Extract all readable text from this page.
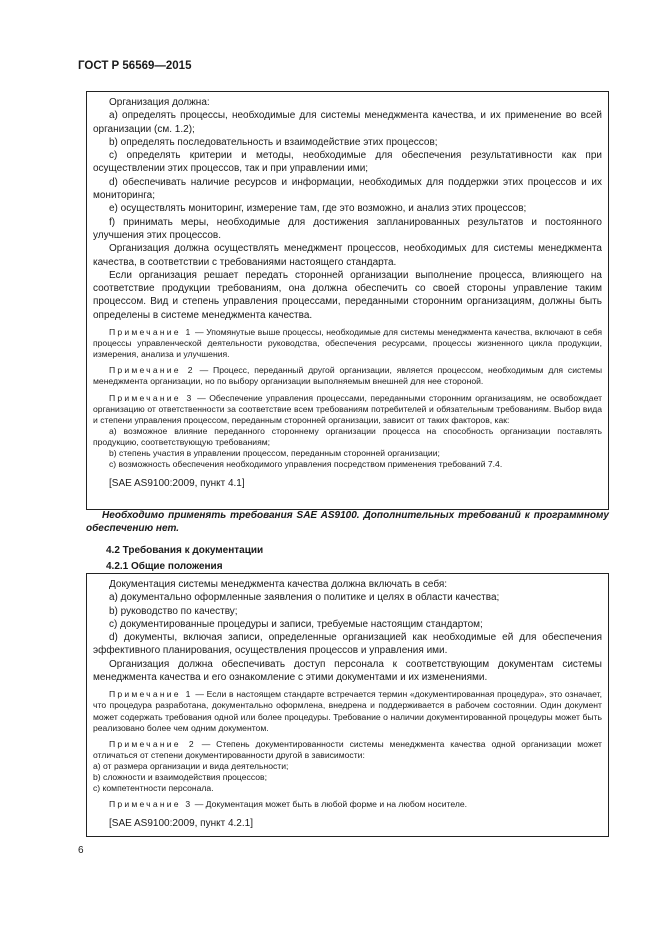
ГОСТ Р 56569—2015

Организация должна:

a) определять процессы, необходимые для системы менеджмента качества, и их применение во всей организации (см. 1.2);

b) определять последовательность и взаимодействие этих процессов;

c) определять критерии и методы, необходимые для обеспечения результативности как при осуществлении этих процессов, так и при управлении ими;

d) обеспечивать наличие ресурсов и информации, необходимых для поддержки этих процессов и их мониторинга;

e) осуществлять мониторинг, измерение там, где это возможно, и анализ этих процессов;

f) принимать меры, необходимые для достижения запланированных результатов и постоянного улучшения этих процессов.

Организация должна осуществлять менеджмент процессов, необходимых для системы менеджмента качества, в соответствии с требованиями настоящего стандарта.

Если организация решает передать сторонней организации выполнение процесса, влияющего на соответствие продукции требованиям, она должна обеспечить со своей стороны управление таким процессом. Вид и степень управления процессами, переданными сторонним организациям, должны быть определены в системе менеджмента качества.

Примечание 1 — Упомянутые выше процессы, необходимые для системы менеджмента качества, включают в себя процессы управленческой деятельности руководства, обеспечения ресурсами, процессы жизненного цикла продукции, измерения, анализа и улучшения.

Примечание 2 — Процесс, переданный другой организации, является процессом, необходимым для системы менеджмента организации, но по выбору организации выполняемым внешней для нее стороной.

Примечание 3 — Обеспечение управления процессами, переданными сторонним организациям, не освобождает организацию от ответственности за соответствие всем требованиям потребителей и обязательным требованиям. Выбор вида и степени управления процессом, переданным сторонней организации, зависит от таких факторов, как:

a) возможное влияние переданного стороннему организации процесса на способность организации поставлять продукцию, соответствующую требованиям;

b) степень участия в управлении процессом, переданным сторонней организации;

c) возможность обеспечения необходимого управления посредством применения требований 7.4.

[SAE AS9100:2009, пункт 4.1]

Необходимо применять требования SAE AS9100. Дополнительных требований к программному обеспечению нет.

4.2 Требования к документации

4.2.1 Общие положения

Документация системы менеджмента качества должна включать в себя:

a) документально оформленные заявления о политике и целях в области качества;

b) руководство по качеству;

c) документированные процедуры и записи, требуемые настоящим стандартом;

d) документы, включая записи, определенные организацией как необходимые ей для обеспечения эффективного планирования, осуществления процессов и управления ими.

Организация должна обеспечивать доступ персонала к соответствующим документам системы менеджмента качества и его ознакомление с этими документами и их изменениями.

Примечание 1 — Если в настоящем стандарте встречается термин «документированная процедура», это означает, что процедура разработана, документально оформлена, внедрена и поддерживается в рабочем состоянии. Один документ может содержать требования одной или более процедуры. Требование о наличии документированной процедуры может быть реализовано более чем одним документом.

Примечание 2 — Степень документированности системы менеджмента качества одной организации может отличаться от степени документированности другой в зависимости:

a) от размера организации и вида деятельности;

b) сложности и взаимодействия процессов;

c) компетентности персонала.

Примечание 3 — Документация может быть в любой форме и на любом носителе.

[SAE AS9100:2009, пункт 4.2.1]

6
